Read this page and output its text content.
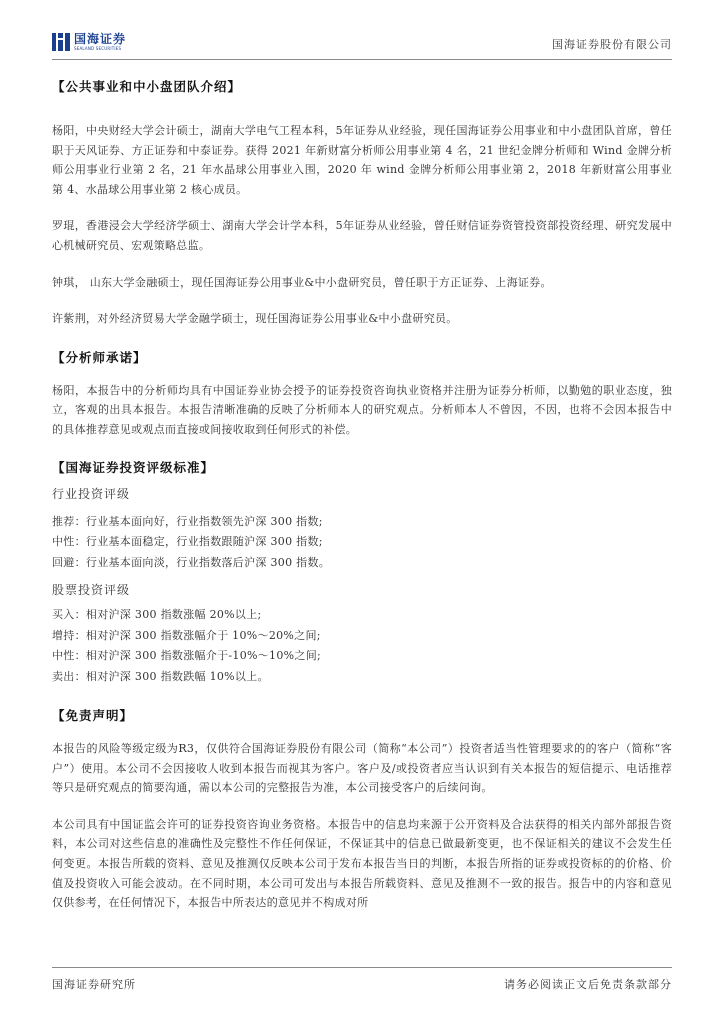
国海证券
SEALAND SECURITIES	国海证券股份有限公司
【公共事业和中小盘团队介绍】
杨阳，中央财经大学会计硕士，湖南大学电气工程本科，5年证券从业经验，现任国海证券公用事业和中小盘团队首席，曾任职于天风证券、方正证券和中泰证券。获得 2021 年新财富分析师公用事业第 4 名，21 世纪金牌分析师和 Wind 金牌分析师公用事业行业第 2 名，21 年水晶球公用事业入围，2020 年 wind 金牌分析师公用事业第 2，2018 年新财富公用事业第 4、水晶球公用事业第 2 核心成员。
罗琨，香港浸会大学经济学硕士、湖南大学会计学本科，5年证券从业经验，曾任财信证券资管投资部投资经理、研究发展中心机械研究员、宏观策略总监。
钟琪， 山东大学金融硕士，现任国海证券公用事业&中小盘研究员，曾任职于方正证券、上海证券。
许紫荆，对外经济贸易大学金融学硕士，现任国海证券公用事业&中小盘研究员。
【分析师承诺】
杨阳，本报告中的分析师均具有中国证券业协会授予的证券投资咨询执业资格并注册为证券分析师，以勤勉的职业态度，独立，客观的出具本报告。本报告清晰准确的反映了分析师本人的研究观点。分析师本人不曾因，不因，也将不会因本报告中的具体推荐意见或观点而直接或间接收取到任何形式的补偿。
【国海证券投资评级标准】
行业投资评级
推荐：行业基本面向好，行业指数领先沪深 300 指数;
中性：行业基本面稳定，行业指数跟随沪深 300 指数;
回避：行业基本面向淡，行业指数落后沪深 300 指数。
股票投资评级
买入：相对沪深 300 指数涨幅 20%以上;
增持：相对沪深 300 指数涨幅介于 10%～20%之间;
中性：相对沪深 300 指数涨幅介于-10%～10%之间;
卖出：相对沪深 300 指数跌幅 10%以上。
【免责声明】
本报告的风险等级定级为R3，仅供符合国海证券股份有限公司（简称“本公司”）投资者适当性管理要求的的客户（简称“客户”）使用。本公司不会因接收人收到本报告而视其为客户。客户及/或投资者应当认识到有关本报告的短信提示、电话推荐等只是研究观点的简要沟通，需以本公司的完整报告为准，本公司接受客户的后续问询。
本公司具有中国证监会许可的证券投资咨询业务资格。本报告中的信息均来源于公开资料及合法获得的相关内部外部报告资料，本公司对这些信息的准确性及完整性不作任何保证，不保证其中的信息已做最新变更，也不保证相关的建议不会发生任何变更。本报告所载的资料、意见及推测仅反映本公司于发布本报告当日的判断，本报告所指的证券或投资标的的价格、价值及投资收入可能会波动。在不同时期，本公司可发出与本报告所载资料、意见及推测不一致的报告。报告中的内容和意见仅供参考，在任何情况下，本报告中所表达的意见并不构成对所
国海证券研究所	请务必阅读正文后免责条款部分
